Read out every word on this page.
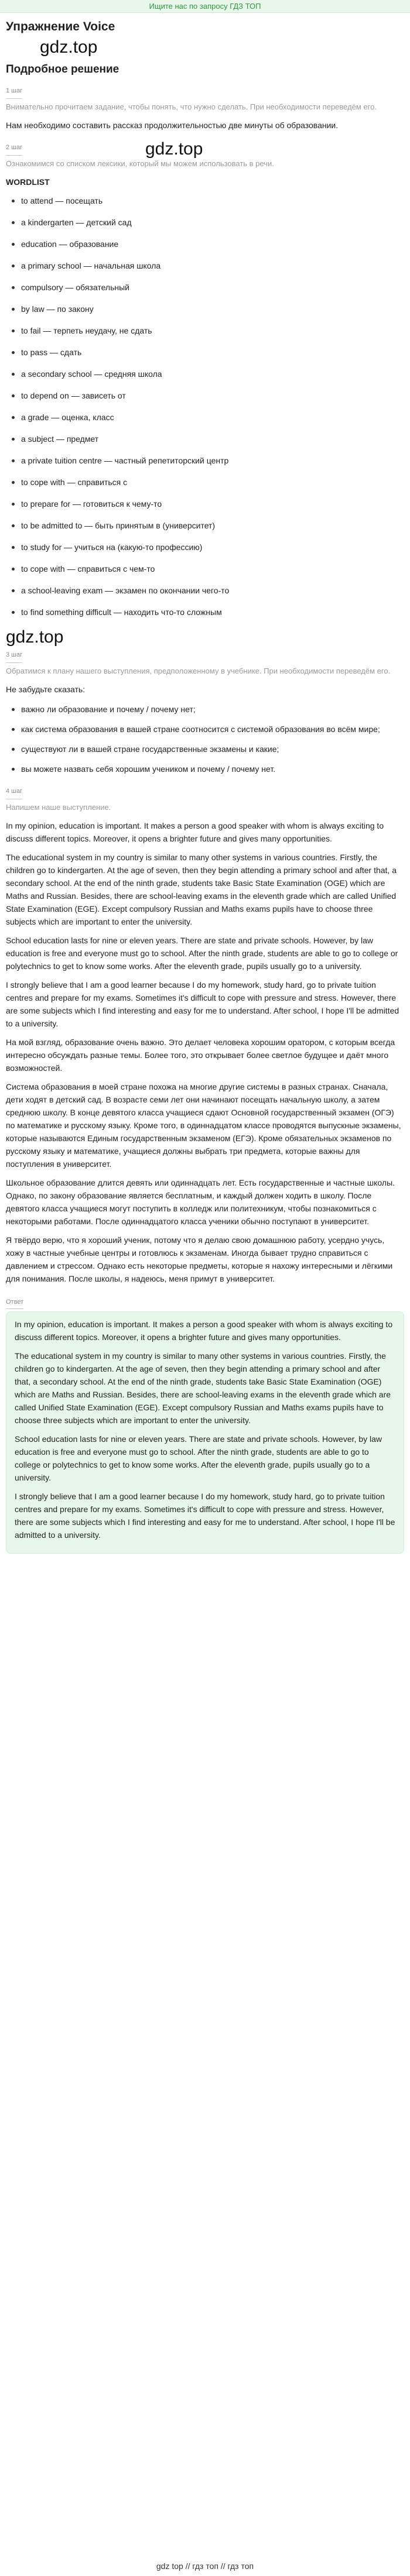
Ищите нас по запросу ГДЗ ТОП
Упражнение Voice
gdz.top
Подробное решение
1 шаг
Внимательно прочитаем задание, чтобы понять, что нужно сделать. При необходимости переведём его.
Нам необходимо составить рассказ продолжительностью две минуты об образовании.
2 шаг	gdz.top
Ознакомимся со списком лексики, который мы можем использовать в речи.
WORDLIST
to attend — посещать
a kindergarten — детский сад
education — образование
a primary school — начальная школа
compulsory — обязательный
by law — по закону
to fail — терпеть неудачу, не сдать
to pass — сдать
a secondary school — средняя школа
to depend on — зависеть от
a grade — оценка, класс
a subject — предмет
a private tuition centre — частный репетиторский центр
to cope with — справиться с
to prepare for — готовиться к чему-то
to be admitted to — быть принятым в (университет)
to study for — учиться на (какую-то профессию)
to cope with — справиться с чем-то
a school-leaving exam — экзамен по окончании чего-то
to find something difficult — находить что-то сложным
gdz.top
3 шаг
Обратимся к плану нашего выступления, предположенному в учебнике. При необходимости переведём его.
Не забудьте сказать:
важно ли образование и почему / почему нет;
как система образования в вашей стране соотносится с системой образования во всём мире;
существуют ли в вашей стране государственные экзамены и какие;
вы можете назвать себя хорошим учеником и почему / почему нет.
4 шаг
Напишем наше выступление.

In my opinion, education is important. It makes a person a good speaker with whom is always exciting to discuss different topics. Moreover, it opens a brighter future and gives many opportunities.

The educational system in my country is similar to many other systems in various countries. Firstly, the children go to kindergarten. At the age of seven, then they begin attending a primary school and after that, a secondary school. At the end of the ninth grade, students take Basic State Examination (OGE) which are Maths and Russian. Besides, there are school-leaving exams in the eleventh grade which are called Unified State Examination (EGE). Except compulsory Russian and Maths exams pupils have to choose three subjects which are important to enter the university.

School education lasts for nine or eleven years. There are state and private schools. However, by law education is free and everyone must go to school. After the ninth grade, students are able to go to college or polytechnics to get to know some works. After the eleventh grade, pupils usually go to a university.

I strongly believe that I am a good learner because I do my homework, study hard, go to private tuition centres and prepare for my exams. Sometimes it's difficult to cope with pressure and stress. However, there are some subjects which I find interesting and easy for me to understand. After school, I hope I'll be admitted to a university.

На мой взгляд, образование очень важно. Это делает человека хорошим оратором, с которым всегда интересно обсуждать разные темы. Более того, это открывает более светлое будущее и даёт много возможностей.

Система образования в моей стране похожа на многие другие системы в разных странах. Сначала, дети ходят в детский сад. В возрасте семи лет они начинают посещать начальную школу, а затем среднюю школу. В конце девятого класса учащиеся сдают Основной государственный экзамен (ОГЭ) по математике и русскому языку. Кроме того, в одиннадцатом классе проводятся выпускные экзамены, которые называются Единым государственным экзаменом (ЕГЭ). Кроме обязательных экзаменов по русскому языку и математике, учащиеся должны выбрать три предмета, которые важны для поступления в университет.

Школьное образование длится девять или одиннадцать лет. Есть государственные и частные школы. Однако, по закону образование является бесплатным, и каждый должен ходить в школу. После девятого класса учащиеся могут поступить в колледж или политехникум, чтобы познакомиться с некоторыми работами. После одиннадцатого класса ученики обычно поступают в университет.

Я твёрдо верю, что я хороший ученик, потому что я делаю свою домашнюю работу, усердно учусь, хожу в частные учебные центры и готовлюсь к экзаменам. Иногда бывает трудно справиться с давлением и стрессом. Однако есть некоторые предметы, которые я нахожу интересными и лёгкими для понимания. После школы, я надеюсь, меня примут в университет.

Ответ

In my opinion, education is important. It makes a person a good speaker with whom is always exciting to discuss different topics. Moreover, it opens a brighter future and gives many opportunities.

The educational system in my country is similar to many other systems in various countries. Firstly, the children go to kindergarten. At the age of seven, then they begin attending a primary school and after that, a secondary school. At the end of the ninth grade, students take Basic State Examination (OGE) which are Maths and Russian. Besides, there are school-leaving exams in the eleventh grade which are called Unified State Examination (EGE). Except compulsory Russian and Maths exams pupils have to choose three subjects which are important to enter the university.

School education lasts for nine or eleven years. There are state and private schools. However, by law education is free and everyone must go to school. After the ninth grade, students are able to go to college or polytechnics to get to know some works. After the eleventh grade, pupils usually go to a university.

I strongly believe that I am a good learner because I do my homework, study hard, go to private tuition centres and prepare for my exams. Sometimes it's difficult to cope with pressure and stress. However, there are some subjects which I find interesting and easy for me to understand. After school, I hope I'll be admitted to a university.

gdz top // гдз топ // гдз топ
